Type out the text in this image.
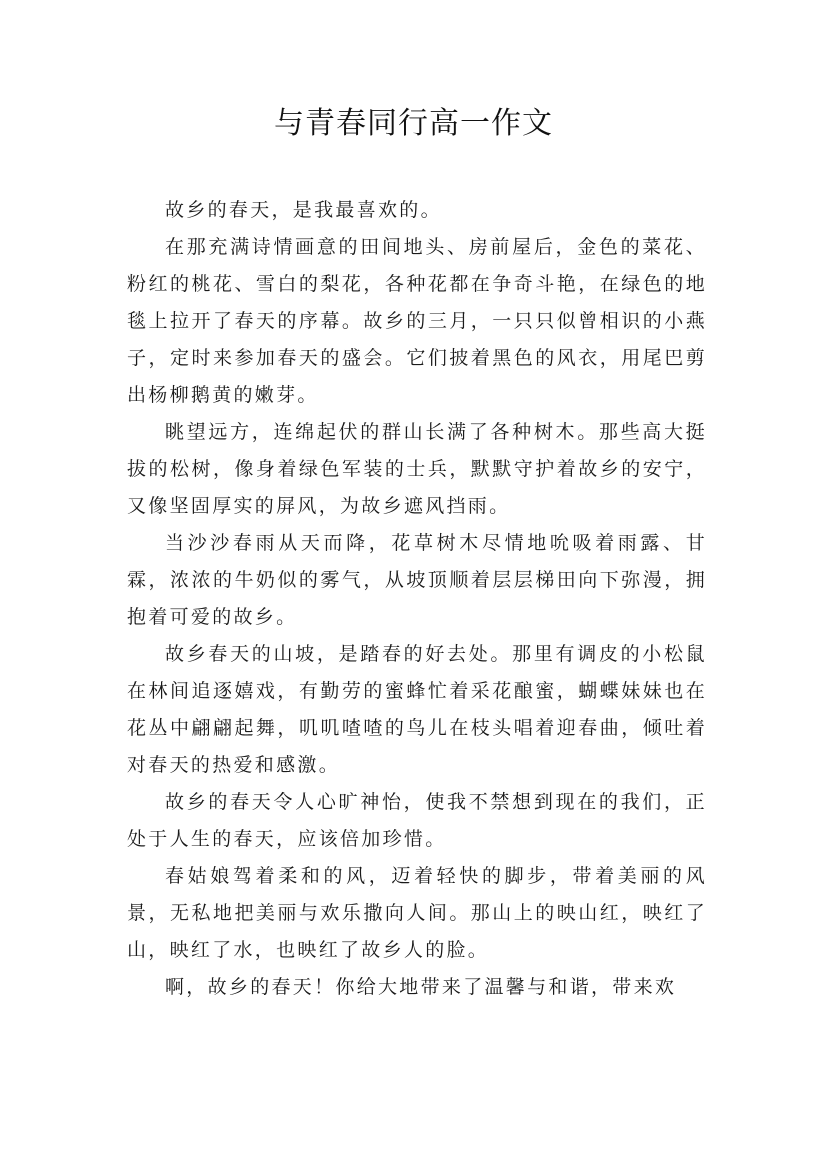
与青春同行高一作文

故乡的春天，是我最喜欢的。

在那充满诗情画意的田间地头、房前屋后，金色的菜花、粉红的桃花、雪白的梨花，各种花都在争奇斗艳，在绿色的地毯上拉开了春天的序幕。故乡的三月，一只只似曾相识的小燕子，定时来参加春天的盛会。它们披着黑色的风衣，用尾巴剪出杨柳鹅黄的嫩芽。

眺望远方，连绵起伏的群山长满了各种树木。那些高大挺拔的松树，像身着绿色军装的士兵，默默守护着故乡的安宁，又像坚固厚实的屏风，为故乡遮风挡雨。

当沙沙春雨从天而降，花草树木尽情地吮吸着雨露、甘霖，浓浓的牛奶似的雾气，从坡顶顺着层层梯田向下弥漫，拥抱着可爱的故乡。

故乡春天的山坡，是踏春的好去处。那里有调皮的小松鼠在林间追逐嬉戏，有勤劳的蜜蜂忙着采花酿蜜，蝴蝶妹妹也在花丛中翩翩起舞，叽叽喳喳的鸟儿在枝头唱着迎春曲，倾吐着对春天的热爱和感激。

故乡的春天令人心旷神怡，使我不禁想到现在的我们，正处于人生的春天，应该倍加珍惜。

春姑娘驾着柔和的风，迈着轻快的脚步，带着美丽的风景，无私地把美丽与欢乐撒向人间。那山上的映山红，映红了山，映红了水，也映红了故乡人的脸。

啊，故乡的春天！你给大地带来了温馨与和谐，带来欢
